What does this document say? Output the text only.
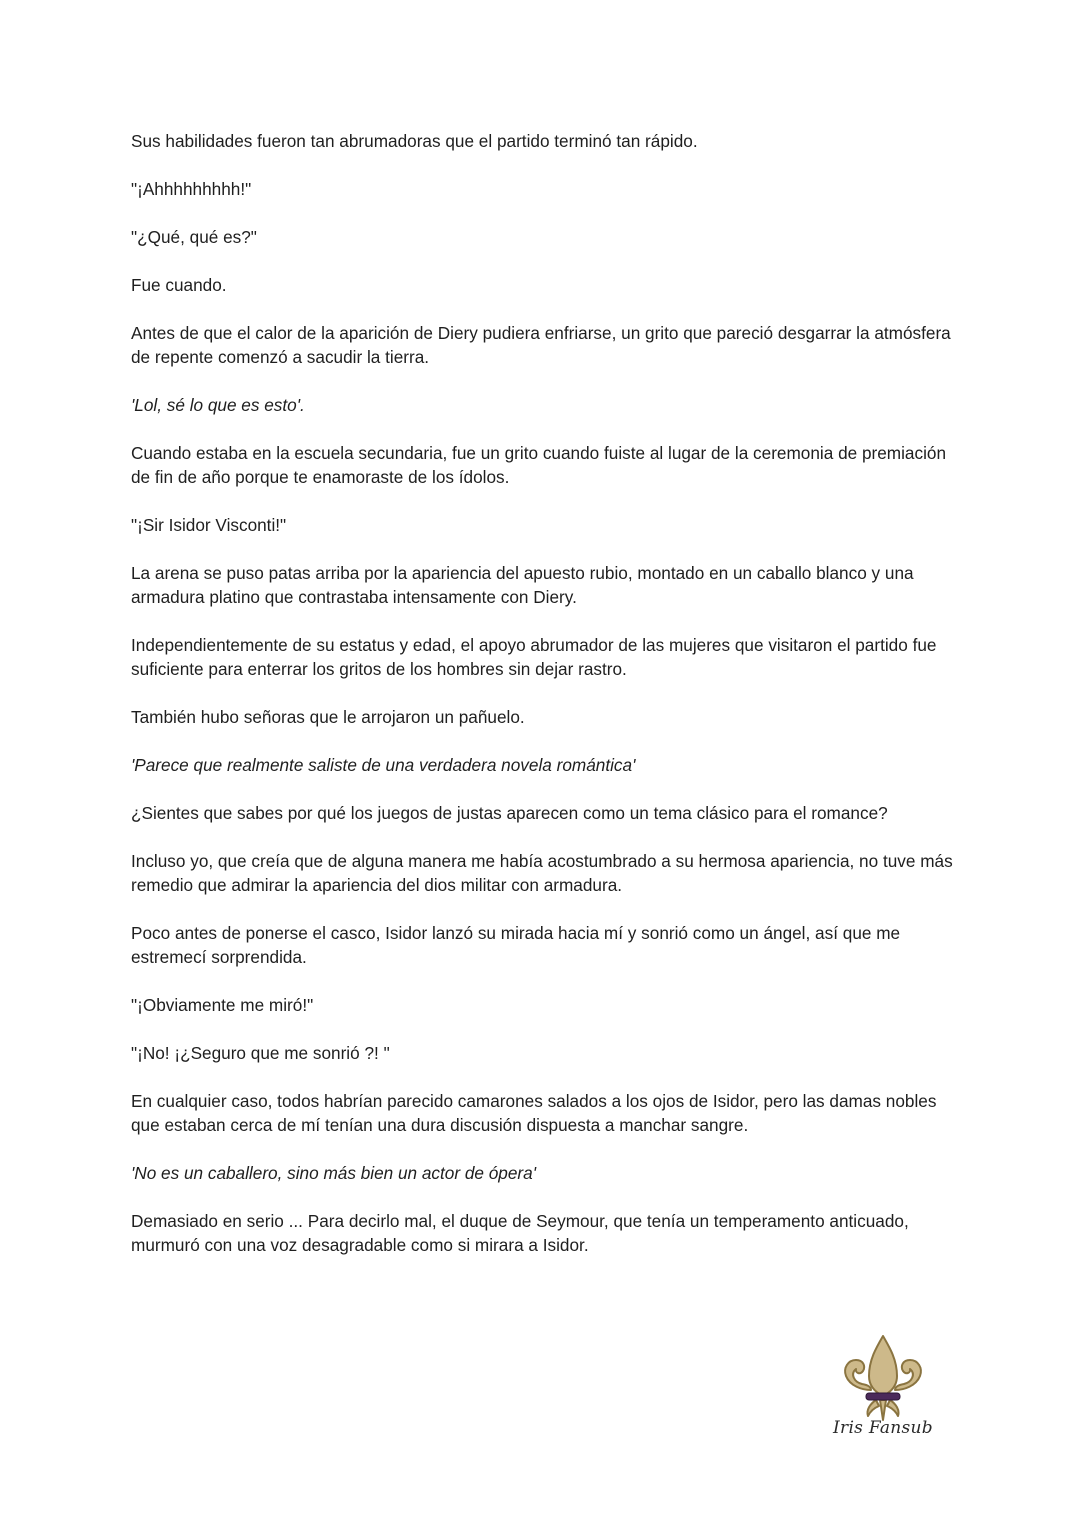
Sus habilidades fueron tan abrumadoras que el partido terminó tan rápido.

"¡Ahhhhhhhhh!"

"¿Qué, qué es?"

Fue cuando.

Antes de que el calor de la aparición de Diery pudiera enfriarse, un grito que pareció desgarrar la atmósfera de repente comenzó a sacudir la tierra.

'Lol, sé lo que es esto'.

Cuando estaba en la escuela secundaria, fue un grito cuando fuiste al lugar de la ceremonia de premiación de fin de año porque te enamoraste de los ídolos.

"¡Sir Isidor Visconti!"

La arena se puso patas arriba por la apariencia del apuesto rubio, montado en un caballo blanco y una armadura platino que contrastaba intensamente con Diery.

Independientemente de su estatus y edad, el apoyo abrumador de las mujeres que visitaron el partido fue suficiente para enterrar los gritos de los hombres sin dejar rastro.

También hubo señoras que le arrojaron un pañuelo.

'Parece que realmente saliste de una verdadera novela romántica'

¿Sientes que sabes por qué los juegos de justas aparecen como un tema clásico para el romance?

Incluso yo, que creía que de alguna manera me había acostumbrado a su hermosa apariencia, no tuve más remedio que admirar la apariencia del dios militar con armadura.

Poco antes de ponerse el casco, Isidor lanzó su mirada hacia mí y sonrió como un ángel, así que me estremecí sorprendida.

"¡Obviamente me miró!"

"¡No! ¡¿Seguro que me sonrió ?! "

En cualquier caso, todos habrían parecido camarones salados a los ojos de Isidor, pero las damas nobles que estaban cerca de mí tenían una dura discusión dispuesta a manchar sangre.

'No es un caballero, sino más bien un actor de ópera'

Demasiado en serio ... Para decirlo mal, el duque de Seymour, que tenía un temperamento anticuado, murmuró con una voz desagradable como si mirara a Isidor.

Iris Fansub
